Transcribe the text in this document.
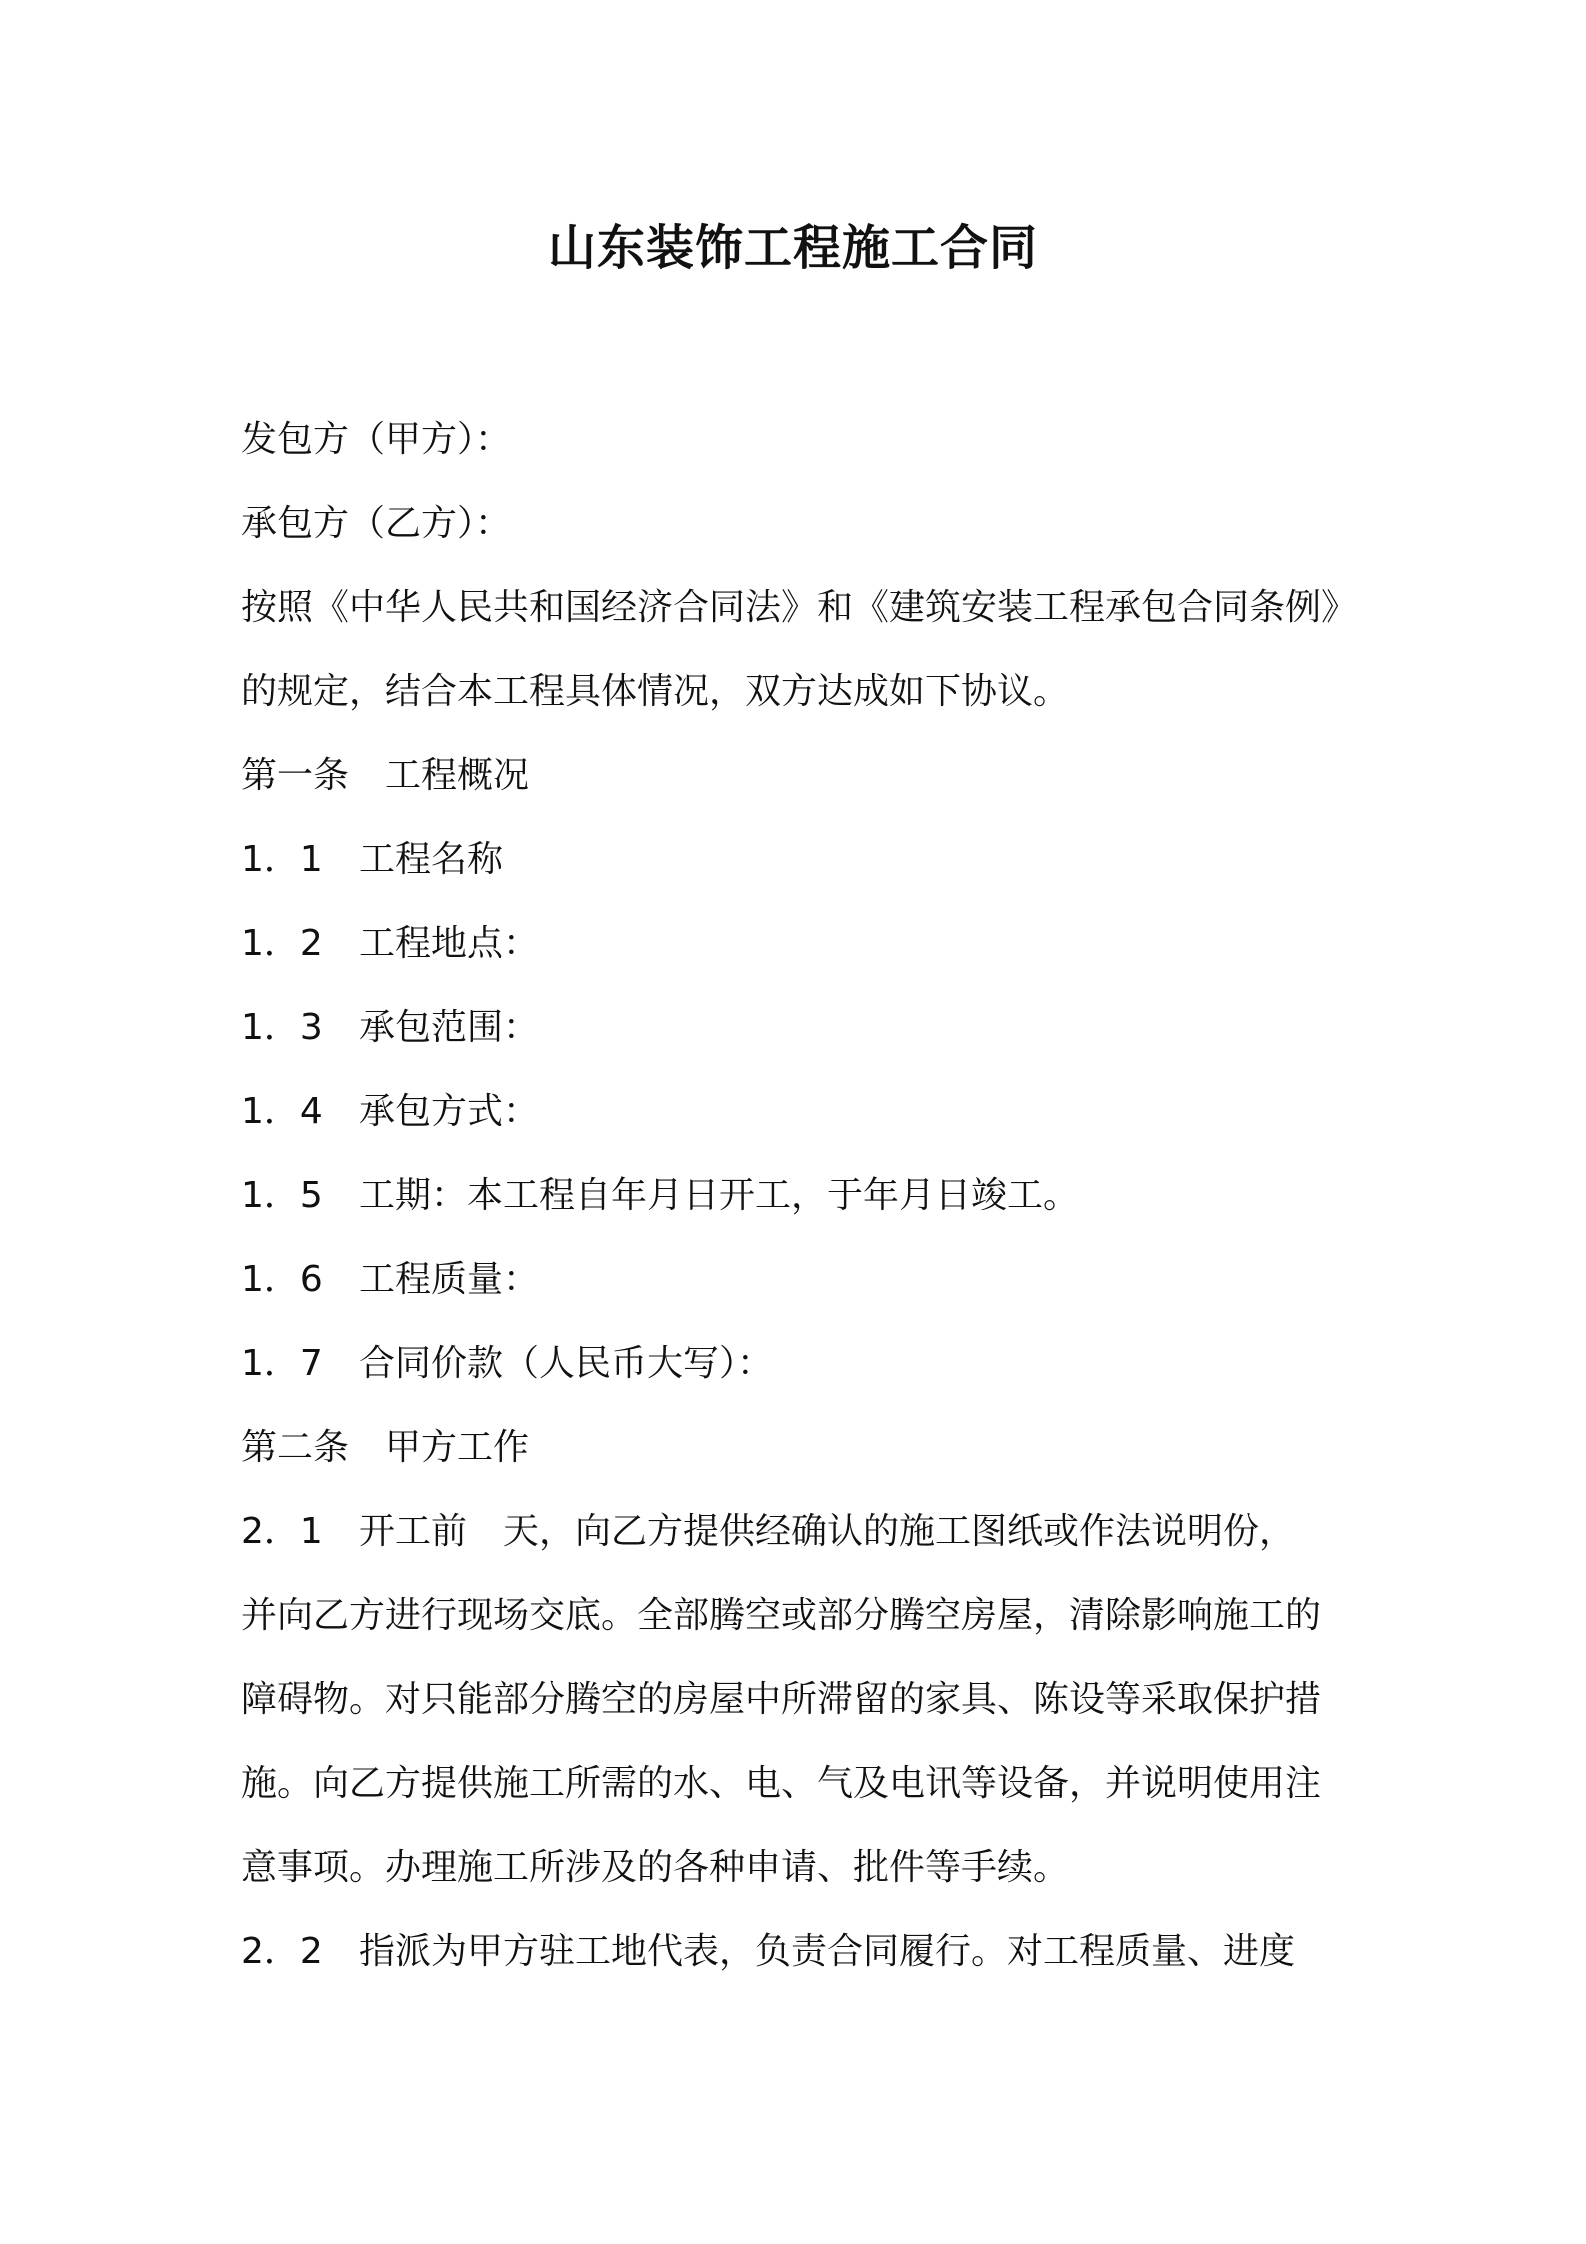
山东装饰工程施工合同
发包方（甲方）：
承包方（乙方）：
按照《中华人民共和国经济合同法》和《建筑安装工程承包合同条例》
的规定，结合本工程具体情况，双方达成如下协议。
第一条 工程概况
1．1 工程名称
1．2 工程地点：
1．3 承包范围：
1．4 承包方式：
1．5 工期：本工程自年月日开工，于年月日竣工。
1．6 工程质量：
1．7 合同价款（人民币大写）：
第二条 甲方工作
2．1 开工前　天，向乙方提供经确认的施工图纸或作法说明份，
并向乙方进行现场交底。全部腾空或部分腾空房屋，清除影响施工的
障碍物。对只能部分腾空的房屋中所滞留的家具、陈设等采取保护措
施。向乙方提供施工所需的水、电、气及电讯等设备，并说明使用注
意事项。办理施工所涉及的各种申请、批件等手续。
2．2 指派为甲方驻工地代表，负责合同履行。对工程质量、进度
